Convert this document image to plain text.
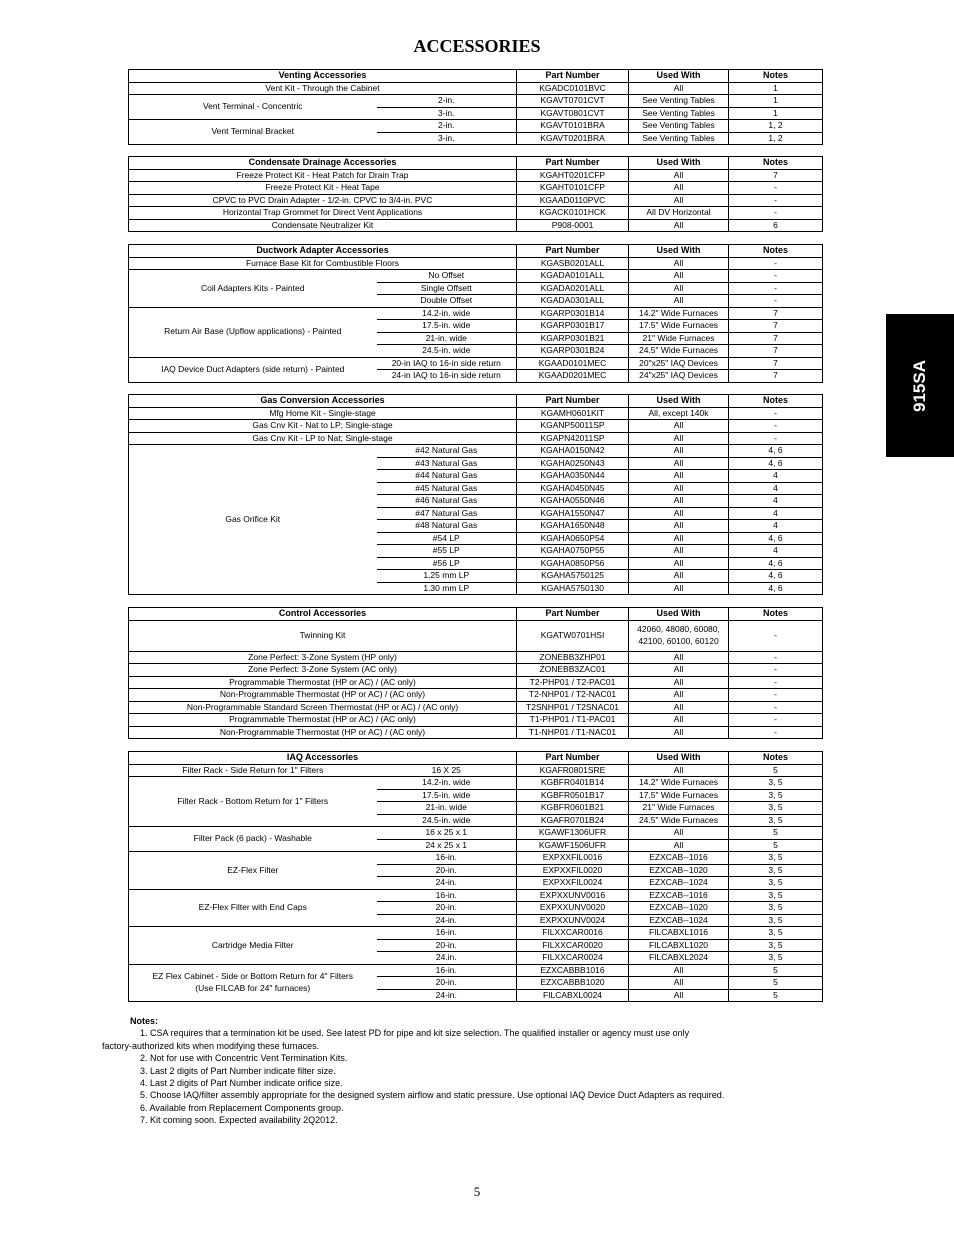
ACCESSORIES
915SA
Venting Accessories		Part Number	Used With	Notes
Vent Kit - Through the Cabinet		KGADC0101BVC	All	1
Vent Terminal - Concentric	2-in.	KGAVT0701CVT	See Venting Tables	1
	3-in.	KGAVT0801CVT	See Venting Tables	1
Vent Terminal Bracket	2-in.	KGAVT0101BRA	See Venting Tables	1, 2
	3-in.	KGAVT0201BRA	See Venting Tables	1, 2
Condensate Drainage Accessories	Part Number	Used With	Notes
Freeze Protect Kit - Heat Patch for Drain Trap	KGAHT0201CFP	All	7
Freeze Protect Kit - Heat Tape	KGAHT0101CFP	All	-
CPVC to PVC Drain Adapter - 1/2-in. CPVC to 3/4-in. PVC	KGAAD0110PVC	All	-
Horizontal Trap Grommet for Direct Vent Applications	KGACK0101HCK	All DV Horizontal	-
Condensate Neutralizer Kit	P908-0001	All	6
Ductwork Adapter Accessories		Part Number	Used With	Notes
Furnace Base Kit for Combustible Floors		KGASB0201ALL	All	-
Coil Adapters Kits - Painted	No Offset	KGADA0101ALL	All	-
	Single Offsett	KGADA0201ALL	All	-
	Double Offset	KGADA0301ALL	All	-
Return Air Base (Upflow applications) - Painted	14.2-in. wide	KGARP0301B14	14.2" Wide Furnaces	7
	17.5-in. wide	KGARP0301B17	17.5" Wide Furnaces	7
	21-in. wide	KGARP0301B21	21" Wide Furnaces	7
	24.5-in. wide	KGARP0301B24	24.5" Wide Furnaces	7
IAQ Device Duct Adapters (side return) - Painted	20-in IAQ to 16-in side return	KGAAD0101MEC	20"x25" IAQ Devices	7
	24-in IAQ to 16-in side return	KGAAD0201MEC	24"x25" IAQ Devices	7
Gas Conversion Accessories		Part Number	Used With	Notes
Mfg Home Kit - Single-stage		KGAMH0601KIT	All, except 140k	-
Gas Cnv Kit - Nat to LP; Single-stage		KGANP50011SP	All	-
Gas Cnv Kit - LP to Nat; Single-stage		KGAPN42011SP	All	-
Gas Orifice Kit	#42 Natural Gas	KGAHA0150N42	All	4, 6
	#43 Natural Gas	KGAHA0250N43	All	4, 6
	#44 Natural Gas	KGAHA0350N44	All	4
	#45 Natural Gas	KGAHA0450N45	All	4
	#46 Natural Gas	KGAHA0550N46	All	4
	#47 Natural Gas	KGAHA1550N47	All	4
	#48 Natural Gas	KGAHA1650N48	All	4
	#54 LP	KGAHA0650P54	All	4, 6
	#55 LP	KGAHA0750P55	All	4
	#56 LP	KGAHA0850P56	All	4, 6
	1.25 mm LP	KGAHA5750125	All	4, 6
	1.30 mm LP	KGAHA5750130	All	4, 6
Control Accessories	Part Number	Used With	Notes
Twinning Kit	KGATW0701HSI	42060, 48080, 60080,
42100, 60100, 60120	-
Zone Perfect: 3-Zone System (HP only)	ZONEBB3ZHP01	All	-
Zone Perfect: 3-Zone System (AC only)	ZONEBB3ZAC01	All	-
Programmable Thermostat (HP or AC) / (AC only)	T2-PHP01 / T2-PAC01	All	-
Non-Programmable Thermostat (HP or AC) / (AC only)	T2-NHP01 / T2-NAC01	All	-
Non-Programmable Standard Screen Thermostat (HP or AC) / (AC only)	T2SNHP01 / T2SNAC01	All	-
Programmable Thermostat (HP or AC) / (AC only)	T1-PHP01 / T1-PAC01	All	-
Non-Programmable Thermostat (HP or AC) / (AC only)	T1-NHP01 / T1-NAC01	All	-
IAQ Accessories		Part Number	Used With	Notes
Filter Rack - Side Return for 1" Filters	16 X 25	KGAFR0801SRE	All	5
Filter Rack - Bottom Return for 1" Filters	14.2-in. wide	KGBFR0401B14	14.2" Wide Furnaces	3, 5
	17.5-in. wide	KGBFR0501B17	17.5" Wide Furnaces	3, 5
	21-in. wide	KGBFR0601B21	21" Wide Furnaces	3, 5
	24.5-in. wide	KGAFR0701B24	24.5" Wide Furnaces	3, 5
Filter Pack (6 pack) - Washable	16 x 25 x 1	KGAWF1306UFR	All	5
	24 x 25 x 1	KGAWF1506UFR	All	5
EZ-Flex Filter	16-in.	EXPXXFIL0016	EZXCAB--1016	3, 5
	20-in.	EXPXXFIL0020	EZXCAB--1020	3, 5
	24-in.	EXPXXFIL0024	EZXCAB--1024	3, 5
EZ-Flex Filter with End Caps	16-in.	EXPXXUNV0016	EZXCAB--1016	3, 5
	20-in.	EXPXXUNV0020	EZXCAB--1020	3, 5
	24-in.	EXPXXUNV0024	EZXCAB--1024	3, 5
Cartridge Media Filter	16-in.	FILXXCAR0016	FILCABXL1016	3, 5
	20-in.	FILXXCAR0020	FILCABXL1020	3, 5
	24.in.	FILXXCAR0024	FILCABXL2024	3, 5

EZ Flex Cabinet - Side or Bottom Return for 4" Filters
(Use FILCAB for 24" furnaces)	16-in.	EZXCABBB1016	All	5
	20-in.	EZXCABBB1020	All	5
	24-in.	FILCABXL0024	All	5
Notes:
1. CSA requires that a termination kit be used. See latest PD for pipe and kit size selection. The qualified installer or agency must use only
factory-authorized kits when modifying these furnaces.
2. Not for use with Concentric Vent Termination Kits.
3. Last 2 digits of Part Number indicate filter size.
4. Last 2 digits of Part Number indicate orifice size.
5. Choose IAQ/filter assembly appropriate for the designed system airflow and static pressure. Use optional IAQ Device Duct Adapters as required.
6. Available from Replacement Components group.
7. Kit coming soon. Expected availability 2Q2012.
5
